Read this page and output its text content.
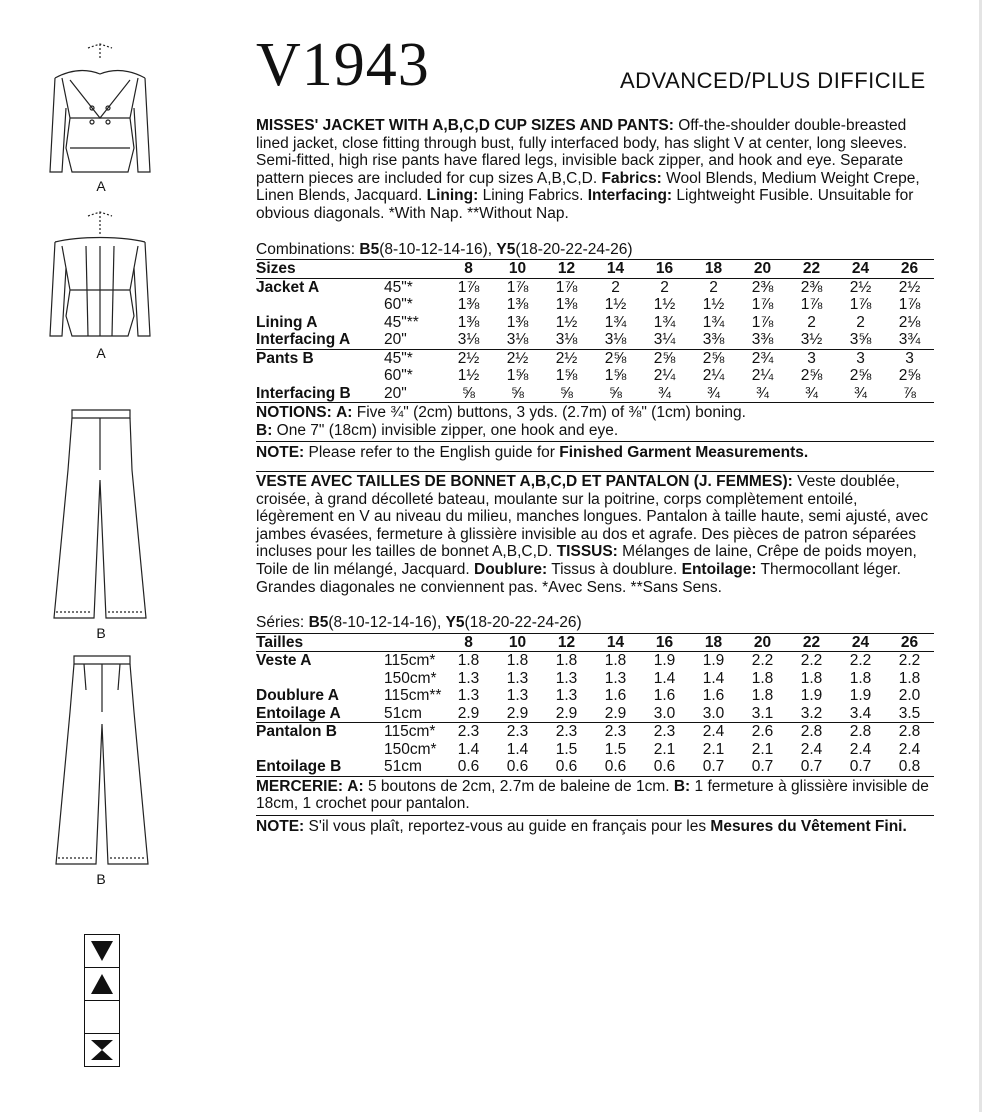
A
A
B
B
V1943	ADVANCED/PLUS DIFFICILE

MISSES' JACKET WITH A,B,C,D CUP SIZES AND PANTS: Off-the-shoulder double-breasted lined jacket, close fitting through bust, fully interfaced body, has slight V at center, long sleeves. Semi-fitted, high rise pants have flared legs, invisible back zipper, and hook and eye. Separate pattern pieces are included for cup sizes A,B,C,D. Fabrics: Wool Blends, Medium Weight Crepe, Linen Blends, Jacquard. Lining: Lining Fabrics. Interfacing: Lightweight Fusible. Unsuitable for obvious diagonals. *With Nap. **Without Nap.

Combinations: B5(8-10-12-14-16), Y5(18-20-22-24-26)
Sizes		8	10	12	14	16	18	20	22	24	26
Jacket A	45"*	1⅞	1⅞	1⅞	2	2	2	2⅜	2⅜	2½	2½
	60"*	1⅜	1⅜	1⅜	1½	1½	1½	1⅞	1⅞	1⅞	1⅞
Lining A	45"**	1⅜	1⅜	1½	1¾	1¾	1¾	1⅞	2	2	2⅛
Interfacing A	20"	3⅛	3⅛	3⅛	3⅛	3¼	3⅜	3⅜	3½	3⅝	3¾
Pants B	45"*	2½	2½	2½	2⅝	2⅝	2⅝	2¾	3	3	3
	60"*	1½	1⅝	1⅝	1⅝	2¼	2¼	2¼	2⅝	2⅝	2⅝
Interfacing B	20"	⅝	⅝	⅝	⅝	¾	¾	¾	¾	¾	⅞
NOTIONS: A: Five ¾" (2cm) buttons, 3 yds. (2.7m) of ⅜" (1cm) boning.
B: One 7" (18cm) invisible zipper, one hook and eye.
NOTE: Please refer to the English guide for Finished Garment Measurements.

VESTE AVEC TAILLES DE BONNET A,B,C,D ET PANTALON (J. FEMMES): Veste doublée, croisée, à grand décolleté bateau, moulante sur la poitrine, corps complètement entoilé, légèrement en V au niveau du milieu, manches longues. Pantalon à taille haute, semi ajusté, avec jambes évasées, fermeture à glissière invisible au dos et agrafe. Des pièces de patron séparées incluses pour les tailles de bonnet A,B,C,D. TISSUS: Mélanges de laine, Crêpe de poids moyen, Toile de lin mélangé, Jacquard. Doublure: Tissus à doublure. Entoilage: Thermocollant léger. Grandes diagonales ne conviennent pas. *Avec Sens. **Sans Sens.

Séries: B5(8-10-12-14-16), Y5(18-20-22-24-26)
Tailles		8	10	12	14	16	18	20	22	24	26
Veste A	115cm*	1.8	1.8	1.8	1.8	1.9	1.9	2.2	2.2	2.2	2.2
	150cm*	1.3	1.3	1.3	1.3	1.4	1.4	1.8	1.8	1.8	1.8
Doublure A	115cm**	1.3	1.3	1.3	1.6	1.6	1.6	1.8	1.9	1.9	2.0
Entoilage A	51cm	2.9	2.9	2.9	2.9	3.0	3.0	3.1	3.2	3.4	3.5
Pantalon B	115cm*	2.3	2.3	2.3	2.3	2.3	2.4	2.6	2.8	2.8	2.8
	150cm*	1.4	1.4	1.5	1.5	2.1	2.1	2.1	2.4	2.4	2.4
Entoilage B	51cm	0.6	0.6	0.6	0.6	0.6	0.7	0.7	0.7	0.7	0.8
MERCERIE: A: 5 boutons de 2cm, 2.7m de baleine de 1cm. B: 1 fermeture à glissière invisible de 18cm, 1 crochet pour pantalon.
NOTE: S'il vous plaît, reportez-vous au guide en français pour les Mesures du Vêtement Fini.
